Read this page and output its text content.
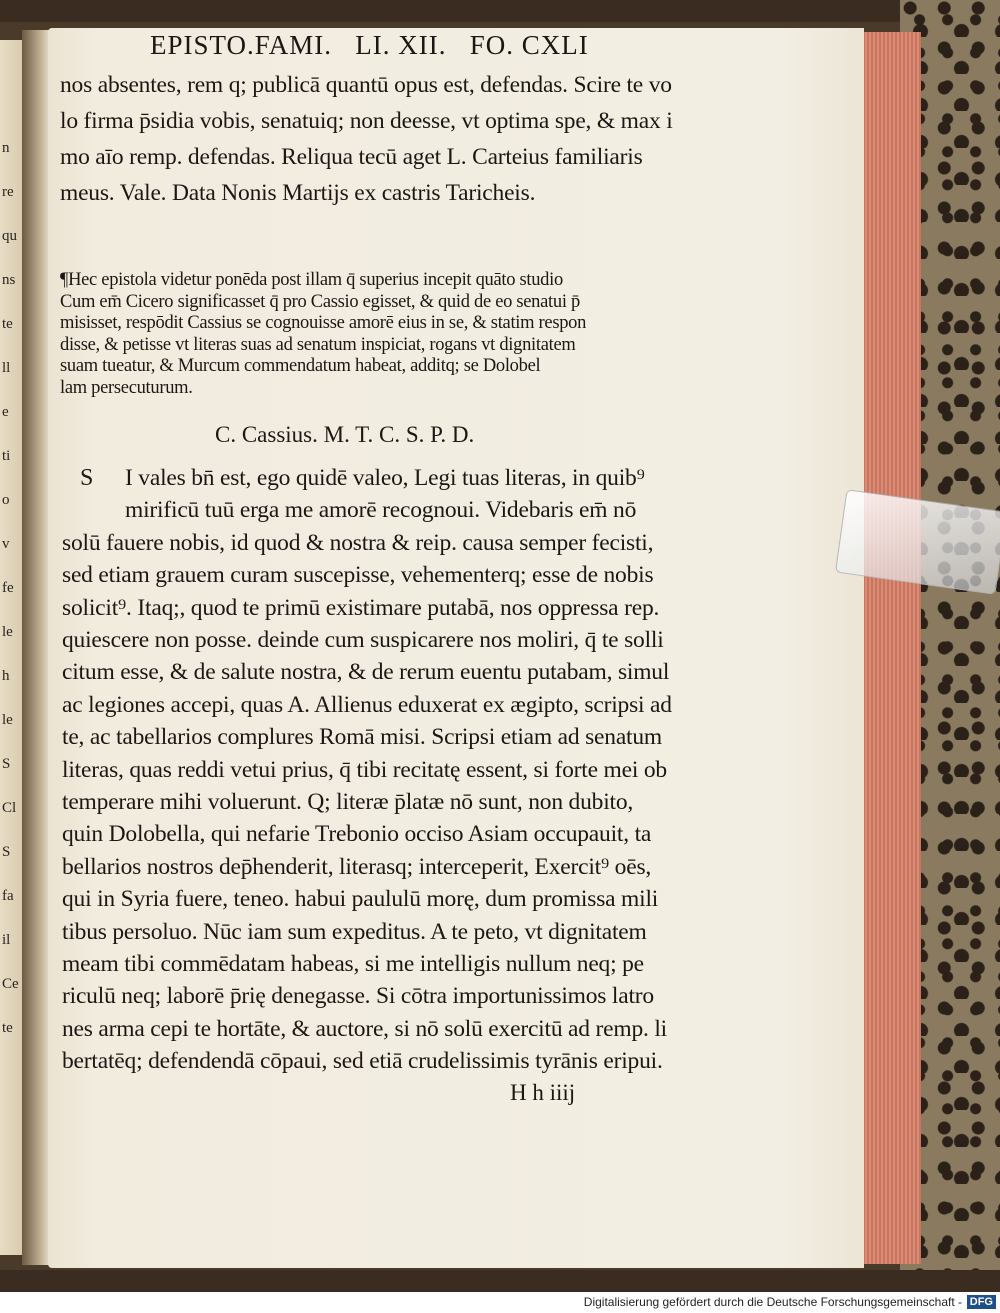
n
re
qu
ns
te
ll
e
ti
o
v
fe
le
h
le
S
Cl
S
fa
il
Ce
te
EPISTO.FAMI.   LI. XII.   FO. CXLI
nos absentes, rem q; publicā quantū opus est, defendas. Scire te vo
lo firma p̄sidia vobis, senatuiq; non deesse, vt optima spe, & max i
mo aīo remp. defendas. Reliqua tecū aget L. Carteius familiaris
meus. Vale. Data Nonis Martijs ex castris Taricheis.
¶Hec epistola videtur ponēda post illam q̄ superius incepit quāto studio
Cum em̄ Cicero significasset q̄ pro Cassio egisset, & quid de eo senatui p̄
misisset, respōdit Cassius se cognouisse amorē eius in se, & statim respon
disse, & petisse vt literas suas ad senatum inspiciat, rogans vt dignitatem
suam tueatur, & Murcum commendatum habeat, additq; se Dolobel
lam persecuturum.
C. Cassius. M. T. C. S. P. D.
S I vales bn̄ est, ego quidē valeo, Legi tuas literas, in quib⁹
mirificū tuū erga me amorē recognoui. Videbaris em̄ nō
solū fauere nobis, id quod & nostra & reip. causa semper fecisti,
sed etiam grauem curam suscepisse, vehementerq; esse de nobis
solicit⁹. Itaq;, quod te primū existimare putabā, nos oppressa rep.
quiescere non posse. deinde cum suspicarere nos moliri, q̄ te solli
citum esse, & de salute nostra, & de rerum euentu putabam, simul
ac legiones accepi, quas A. Allienus eduxerat ex ægipto, scripsi ad
te, ac tabellarios complures Romā misi. Scripsi etiam ad senatum
literas, quas reddi vetui prius, q̄ tibi recitatę essent, si forte mei ob
temperare mihi voluerunt. Q; literæ p̄latæ nō sunt, non dubito,
quin Dolobella, qui nefarie Trebonio occiso Asiam occupauit, ta
bellarios nostros dep̄henderit, literasq; interceperit, Exercit⁹ oēs,
qui in Syria fuere, teneo. habui paululū morę, dum promissa mili
tibus persoluo. Nūc iam sum expeditus. A te peto, vt dignitatem
meam tibi commēdatam habeas, si me intelligis nullum neq; pe
riculū neq; laborē p̄rię denegasse. Si cōtra importunissimos latro
nes arma cepi te hortāte, & auctore, si nō solū exercitū ad remp. li
bertatēq; defendendā cōpaui, sed etiā crudelissimis tyrānis eripui.
H h iiij
Digitalisierung gefördert durch die Deutsche Forschungsgemeinschaft - DFG
